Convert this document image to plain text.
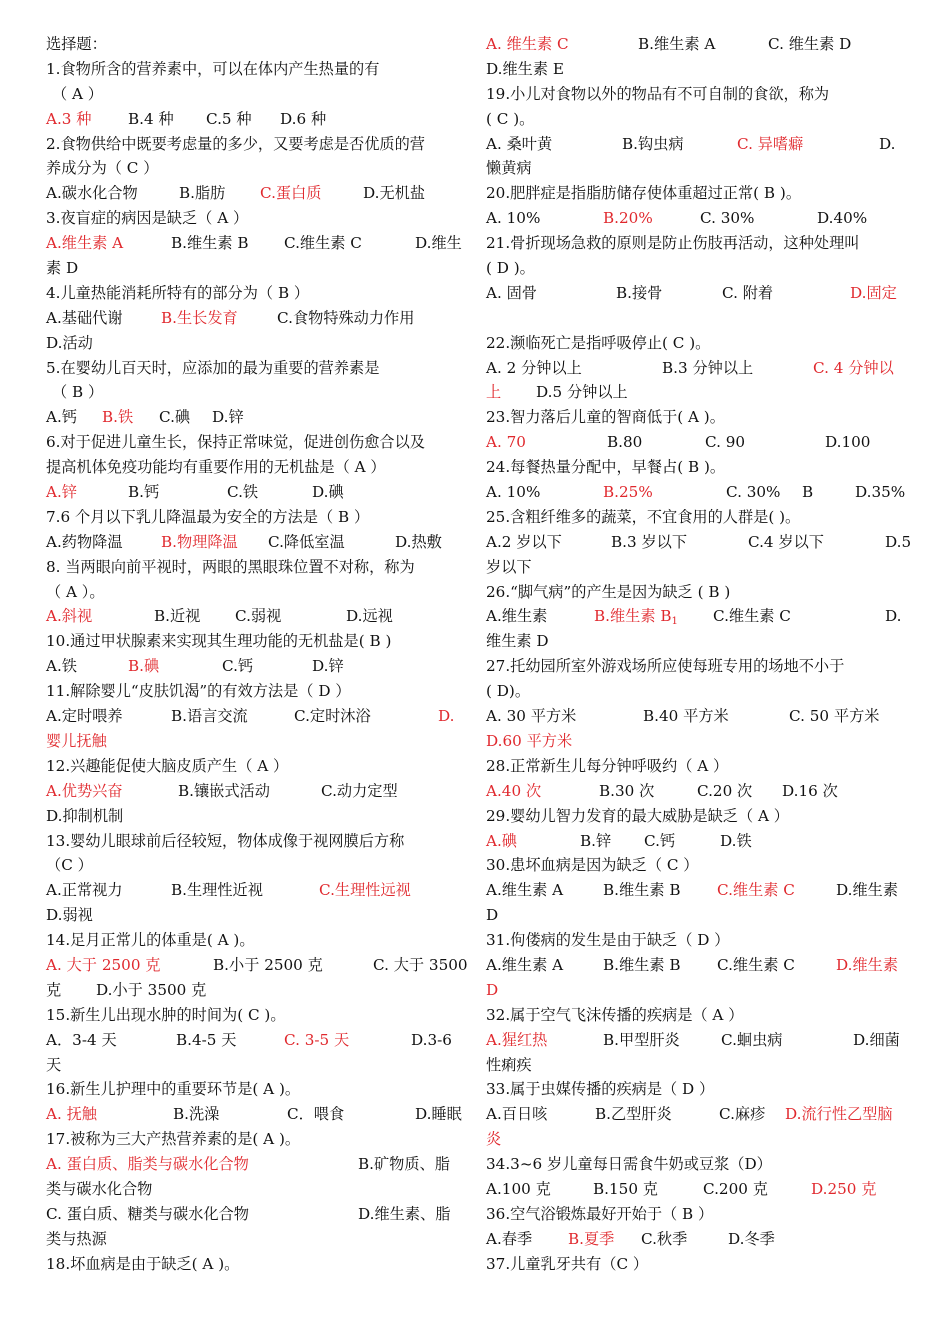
选择题：
1.食物所含的营养素中，可以在体内产生热量的有
（ A ）
A.3 种 B.4 种 C.5 种 D.6 种
2.食物供给中既要考虑量的多少，又要考虑是否优质的营
养成分为（ C ）
A.碳水化合物	B.脂肪 C.蛋白质	D.无机盐
3.夜盲症的病因是缺乏（ A ）
A.维生素 A	B.维生素 B C.维生素 C	D.维生
素 D
4.儿童热能消耗所特有的部分为（ B ）
A.基础代谢	B.生长发育	C.食物特殊动力作用
D.活动
5.在婴幼儿百天时，应添加的最为重要的营养素是
（ B ）
A.钙 B.铁 C.碘 D.锌
6.对于促进儿童生长，保持正常味觉，促进创伤愈合以及
提高机体免疫功能均有重要作用的无机盐是（ A ）
A.锌	B.钙	C.铁	D.碘
7.6 个月以下乳儿降温最为安全的方法是（ B ）
A.药物降温	B.物理降温 C.降低室温	D.热敷
8. 当两眼向前平视时，两眼的黑眼珠位置不对称，称为
（ A ）。
A.斜视	B.近视 C.弱视	D.远视
10.通过甲状腺素来实现其生理功能的无机盐是( B )
A.铁	B.碘	C.钙	D.锌
11.解除婴儿“皮肤饥渴”的有效方法是（ D ）
A.定时喂养	B.语言交流	C.定时沐浴	D.
婴儿抚触
12.兴趣能促使大脑皮质产生（ A ）
A.优势兴奋	B.镶嵌式活动	C.动力定型
D.抑制机制
13.婴幼儿眼球前后径较短，物体成像于视网膜后方称
（C ）
A.正常视力	B.生理性近视	C.生理性远视
D.弱视
14.足月正常儿的体重是( A )。
A. 大于 2500 克	B.小于 2500 克	C. 大于 3500
克 D.小于 3500 克
15.新生儿出现水肿的时间为( C )。
A．3-4 天	B.4-5 天	C. 3-5 天	D.3-6
天
16.新生儿护理中的重要环节是( A )。
A. 抚触	B.洗澡	C．喂食	D.睡眠
17.被称为三大产热营养素的是( A )。
A. 蛋白质、脂类与碳水化合物	B.矿物质、脂
类与碳水化合物
C. 蛋白质、糖类与碳水化合物	D.维生素、脂
类与热源
18.坏血病是由于缺乏( A )。
A. 维生素 C	B.维生素 A	C. 维生素 D
D.维生素 E
19.小儿对食物以外的物品有不可自制的食欲，称为
( C )。
A. 桑叶黄	B.钩虫病	C. 异嗜癖	D.
懒黄病
20.肥胖症是指脂肪储存使体重超过正常( B )。
A. 10%	B.20%	C. 30%	D.40%
21.骨折现场急救的原则是防止伤肢再活动，这种处理叫
( D )。
A. 固骨	B.接骨	C. 附着	D.固定
22.濒临死亡是指呼吸停止( C )。
A. 2 分钟以上	B.3 分钟以上	C. 4 分钟以
上 D.5 分钟以上
23.智力落后儿童的智商低于( A )。
A. 70	B.80	C. 90	D.100
24.每餐热量分配中，早餐占( B )。
A. 10%	B.25%	C. 30% B	D.35%
25.含粗纤维多的蔬菜，不宜食用的人群是( )。
A.2 岁以下	B.3 岁以下	C.4 岁以下	D.5
岁以下
26.“脚气病”的产生是因为缺乏 ( B )
A.维生素	B.维生素 $B_1$ C.维生素 C	D.
维生素 D
27.托幼园所室外游戏场所应使每班专用的场地不小于
( D)。
A. 30 平方米	B.40 平方米	C. 50 平方米
D.60 平方米
28.正常新生儿每分钟呼吸约（ A ）
A.40 次	B.30 次	C.20 次 D.16 次
29.婴幼儿智力发育的最大威胁是缺乏（ A ）
A.碘	B.锌 C.钙	D.铁
30.患坏血病是因为缺乏（ C ）
A.维生素 A	B.维生素 B C.维生素 C	D.维生素
D
31.佝偻病的发生是由于缺乏（ D ）
A.维生素 A	B.维生素 B C.维生素 C	D.维生素
D
32.属于空气飞沫传播的疾病是（ A ）
A.猩红热	B.甲型肝炎	C.蛔虫病	D.细菌
性痢疾
33.属于虫媒传播的疾病是（ D ）
A.百日咳	B.乙型肝炎	C.麻疹 D.流行性乙型脑
炎
34.3~6 岁儿童每日需食牛奶或豆浆（D）
A.100 克	B.150 克	C.200 克	D.250 克
36.空气浴锻炼最好开始于（ B ）
A.春季 B.夏季 C.秋季	D.冬季
37.儿童乳牙共有（C ）
